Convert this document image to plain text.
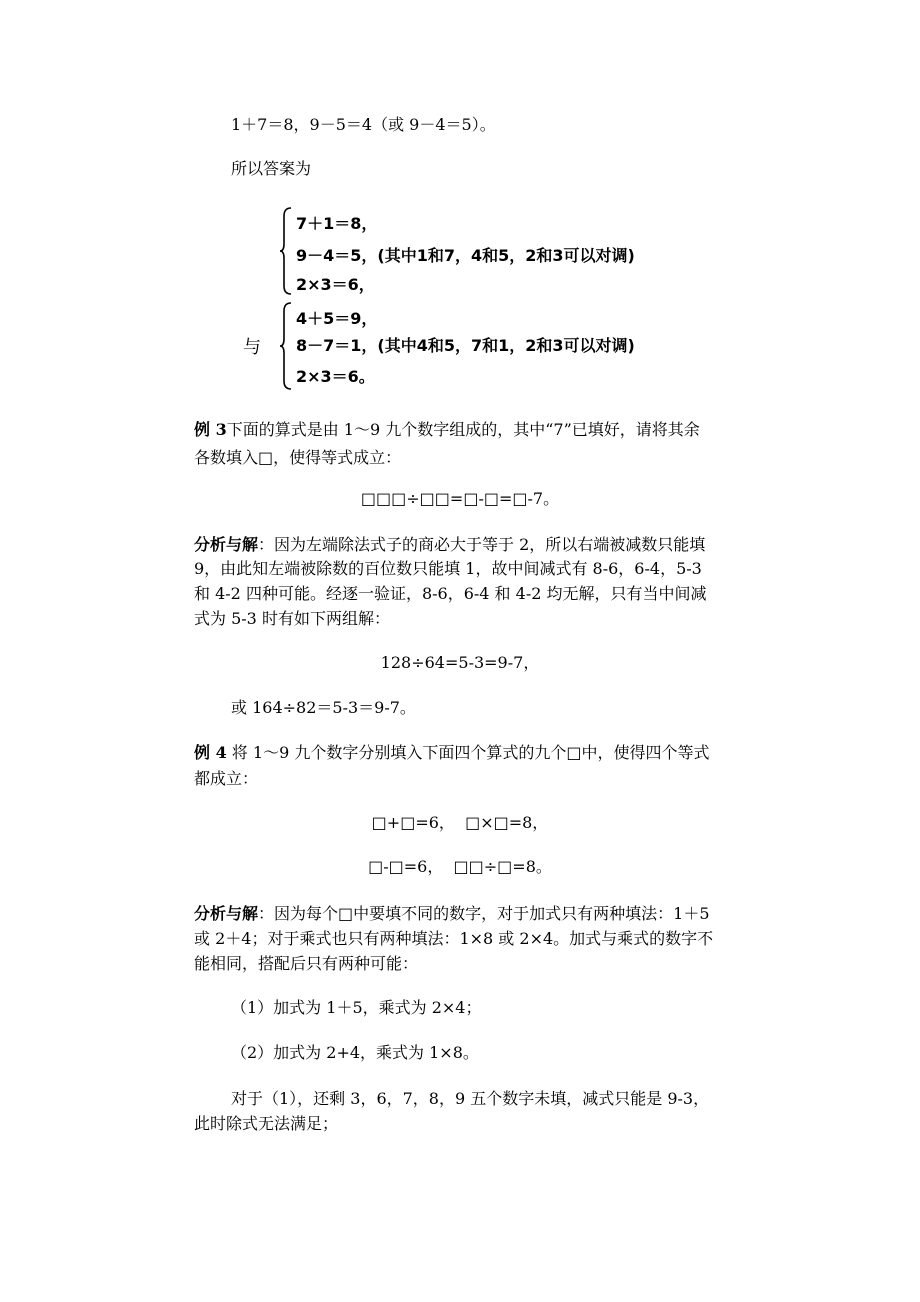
1＋7＝8，9－5＝4（或 9－4＝5）。
所以答案为
7＋1＝8，
9－4＝5，(其中1和7，4和5，2和3可以对调)
2×3＝6，
与
4＋5＝9，
8－7＝1，(其中4和5，7和1，2和3可以对调)
2×3＝6。
例 3下面的算式是由 1～9 九个数字组成的，其中“7”已填好，请将其余
各数填入□，使得等式成立：
□□□÷□□=□-□=□-7。
分析与解：因为左端除法式子的商必大于等于 2，所以右端被减数只能填
9，由此知左端被除数的百位数只能填 1，故中间减式有 8-6，6-4，5-3
和 4-2 四种可能。经逐一验证，8-6，6-4 和 4-2 均无解，只有当中间减
式为 5-3 时有如下两组解：
128÷64=5-3=9-7，
或 164÷82＝5-3＝9-7。
例 4 将 1～9 九个数字分别填入下面四个算式的九个□中，使得四个等式
都成立：
□+□=6，  □×□=8，
□-□=6，  □□÷□=8。
分析与解：因为每个□中要填不同的数字，对于加式只有两种填法：1＋5
或 2＋4；对于乘式也只有两种填法：1×8 或 2×4。加式与乘式的数字不
能相同，搭配后只有两种可能：
（1）加式为 1＋5，乘式为 2×4；
（2）加式为 2+4，乘式为 1×8。
对于（1），还剩 3，6，7，8，9 五个数字未填，减式只能是 9-3，
此时除式无法满足；
